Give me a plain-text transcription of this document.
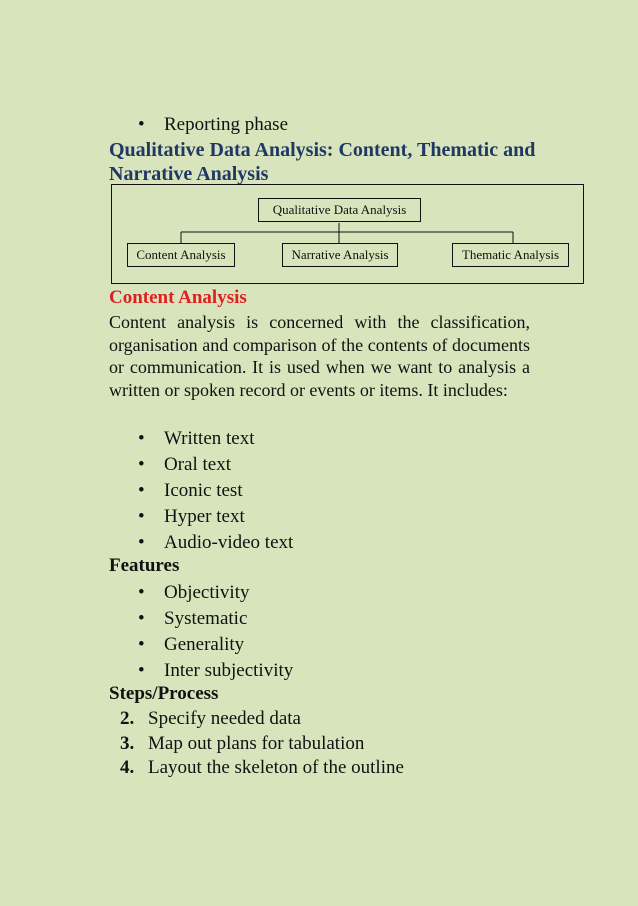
• Reporting phase
Qualitative Data Analysis: Content, Thematic and Narrative Analysis
Qualitative Data Analysis
Content Analysis	Narrative Analysis	Thematic Analysis
Content Analysis
Content analysis is concerned with the classification, organisation and comparison of the contents of documents or communication. It is used when we want to analysis a written or spoken record or events or items. It includes:
• Written text
• Oral text
• Iconic test
• Hyper text
• Audio-video text
Features
• Objectivity
• Systematic
• Generality
• Inter subjectivity
Steps/Process
2. Specify needed data
3. Map out plans for tabulation
4. Layout the skeleton of the outline
